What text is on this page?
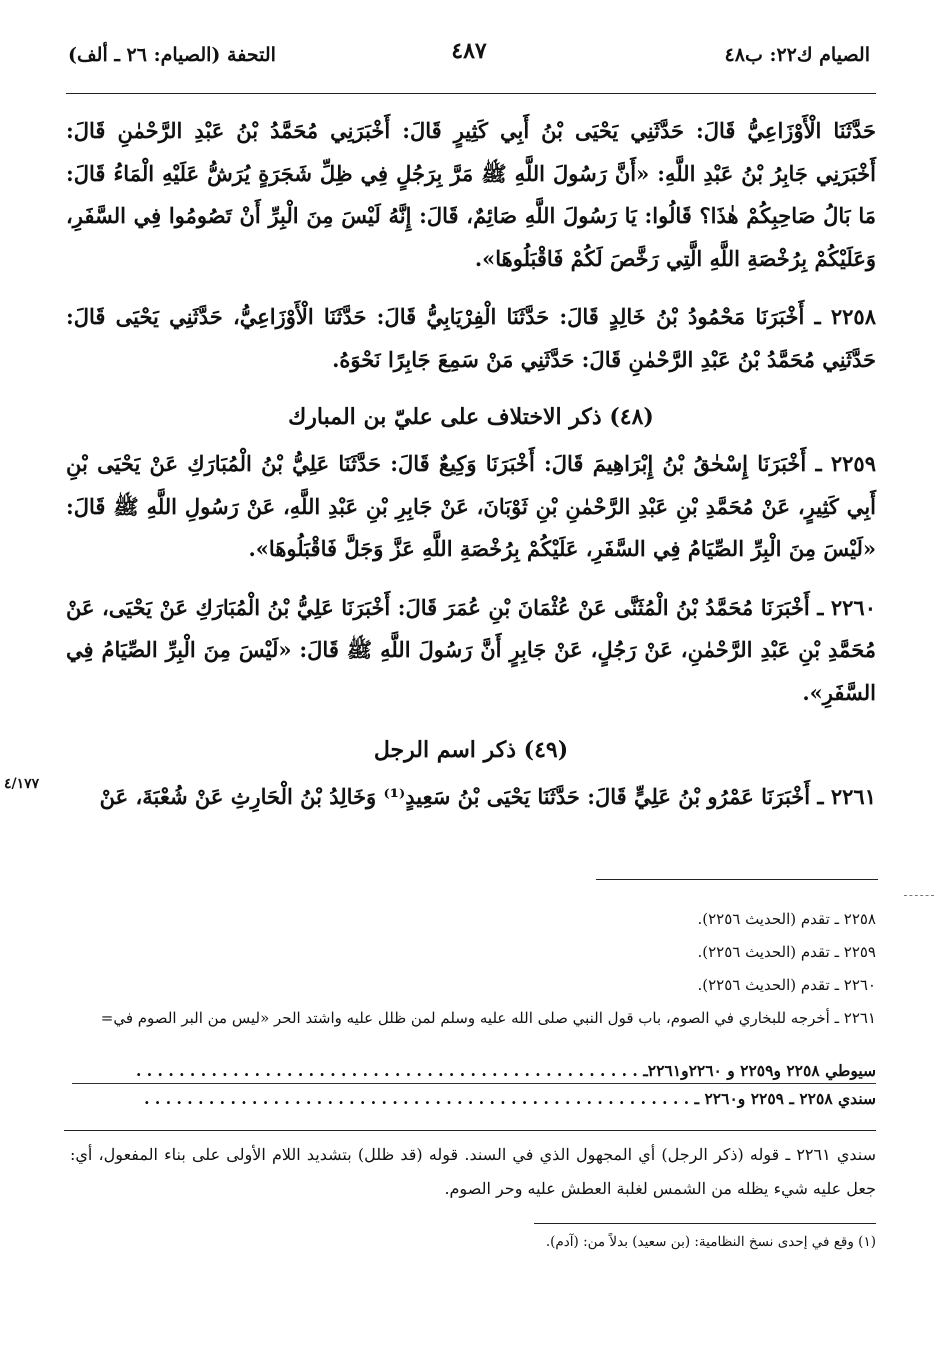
الصيام ك٢٢: ب٤٨
٤٨٧
التحفة (الصيام: ٢٦ ـ ألف)

حَدَّثَنَا الْأَوْزَاعِيُّ قَالَ: حَدَّثَنِي يَحْيَى بْنُ أَبِي كَثِيرٍ قَالَ: أَخْبَرَنِي مُحَمَّدُ بْنُ عَبْدِ الرَّحْمٰنِ قَالَ: أَخْبَرَنِي جَابِرُ بْنُ عَبْدِ اللَّهِ: «أَنَّ رَسُولَ اللَّهِ ﷺ مَرَّ بِرَجُلٍ فِي ظِلِّ شَجَرَةٍ يُرَشُّ عَلَيْهِ الْمَاءُ قَالَ: مَا بَالُ صَاحِبِكُمْ هٰذَا؟ قَالُوا: يَا رَسُولَ اللَّهِ صَائِمٌ، قَالَ: إِنَّهُ لَيْسَ مِنَ الْبِرِّ أَنْ تَصُومُوا فِي السَّفَرِ، وَعَلَيْكُمْ بِرُخْصَةِ اللَّهِ الَّتِي رَخَّصَ لَكُمْ فَاقْبَلُوهَا».

٢٢٥٨ ـ أَخْبَرَنَا مَحْمُودُ بْنُ خَالِدٍ قَالَ: حَدَّثَنَا الْفِرْيَابِيُّ قَالَ: حَدَّثَنَا الْأَوْزَاعِيُّ، حَدَّثَنِي يَحْيَى قَالَ: حَدَّثَنِي مُحَمَّدُ بْنُ عَبْدِ الرَّحْمٰنِ قَالَ: حَدَّثَنِي مَنْ سَمِعَ جَابِرًا نَحْوَهُ.

(٤٨) ذكر الاختلاف على عليّ بن المبارك

٢٢٥٩ ـ أَخْبَرَنَا إِسْحٰقُ بْنُ إِبْرَاهِيمَ قَالَ: أَخْبَرَنَا وَكِيعٌ قَالَ: حَدَّثَنَا عَلِيُّ بْنُ الْمُبَارَكِ عَنْ يَحْيَى بْنِ أَبِي كَثِيرٍ، عَنْ مُحَمَّدِ بْنِ عَبْدِ الرَّحْمٰنِ بْنِ ثَوْبَانَ، عَنْ جَابِرِ بْنِ عَبْدِ اللَّهِ، عَنْ رَسُولِ اللَّهِ ﷺ قَالَ: «لَيْسَ مِنَ الْبِرِّ الصِّيَامُ فِي السَّفَرِ، عَلَيْكُمْ بِرُخْصَةِ اللَّهِ عَزَّ وَجَلَّ فَاقْبَلُوهَا».

٢٢٦٠ ـ أَخْبَرَنَا مُحَمَّدُ بْنُ الْمُثَنَّى عَنْ عُثْمَانَ بْنِ عُمَرَ قَالَ: أَخْبَرَنَا عَلِيُّ بْنُ الْمُبَارَكِ عَنْ يَحْيَى، عَنْ مُحَمَّدِ بْنِ عَبْدِ الرَّحْمٰنِ، عَنْ رَجُلٍ، عَنْ جَابِرٍ أَنَّ رَسُولَ اللَّهِ ﷺ قَالَ: «لَيْسَ مِنَ الْبِرِّ الصِّيَامُ فِي السَّفَرِ».

(٤٩) ذكر اسم الرجل

٢٢٦١ ـ أَخْبَرَنَا عَمْرُو بْنُ عَلِيٍّ قَالَ: حَدَّثَنَا يَحْيَى بْنُ سَعِيدٍ⁽¹⁾ وَخَالِدُ بْنُ الْحَارِثِ عَنْ شُعْبَةَ، عَنْ

٤/١٧٧
٢٢٥٨ ـ تقدم (الحديث ٢٢٥٦).
٢٢٥٩ ـ تقدم (الحديث ٢٢٥٦).
٢٢٦٠ ـ تقدم (الحديث ٢٢٥٦).
٢٢٦١ ـ أخرجه للبخاري في الصوم، باب قول النبي صلى الله عليه وسلم لمن ظلل عليه واشتد الحر «ليس من البر الصوم في=
سيوطي ٢٢٥٨ و٢٢٥٩ و ٢٢٦٠و٢٢٦١ـ . . . . . . . . . . . . . . . . . . . . . . . . . . . . . . . . . . . . . . . . . . . . . . .
سندي ٢٢٥٨ ـ ٢٢٥٩ و٢٢٦٠ ـ . . . . . . . . . . . . . . . . . . . . . . . . . . . . . . . . . . . . . . . . . . . . . . . . . . .
سندي ٢٢٦١ ـ قوله (ذكر الرجل) أي المجهول الذي في السند. قوله (قد ظلل) بتشديد اللام الأولى على بناء المفعول، أي: جعل عليه شيء يظله من الشمس لغلبة العطش عليه وحر الصوم.
(١) وقع في إحدى نسخ النظامية: (بن سعيد) بدلاً من: (آدم).
